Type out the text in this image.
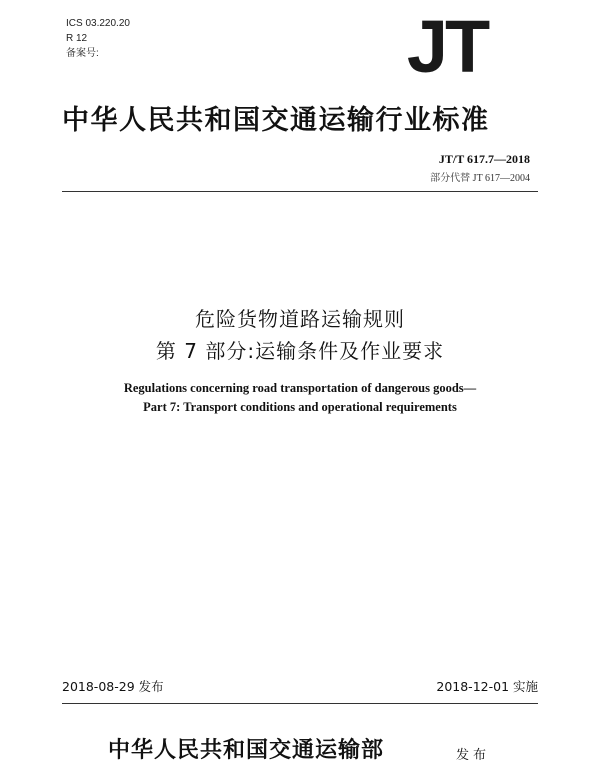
ICS 03.220.20
R 12
备案号:	JT
中华人民共和国交通运输行业标准
JT/T 617.7—2018
部分代替 JT 617—2004
危险货物道路运输规则
第 7 部分:运输条件及作业要求
Regulations concerning road transportation of dangerous goods—
Part 7: Transport conditions and operational requirements
2018-08-29 发布	2018-12-01 实施
中华人民共和国交通运输部	发布
